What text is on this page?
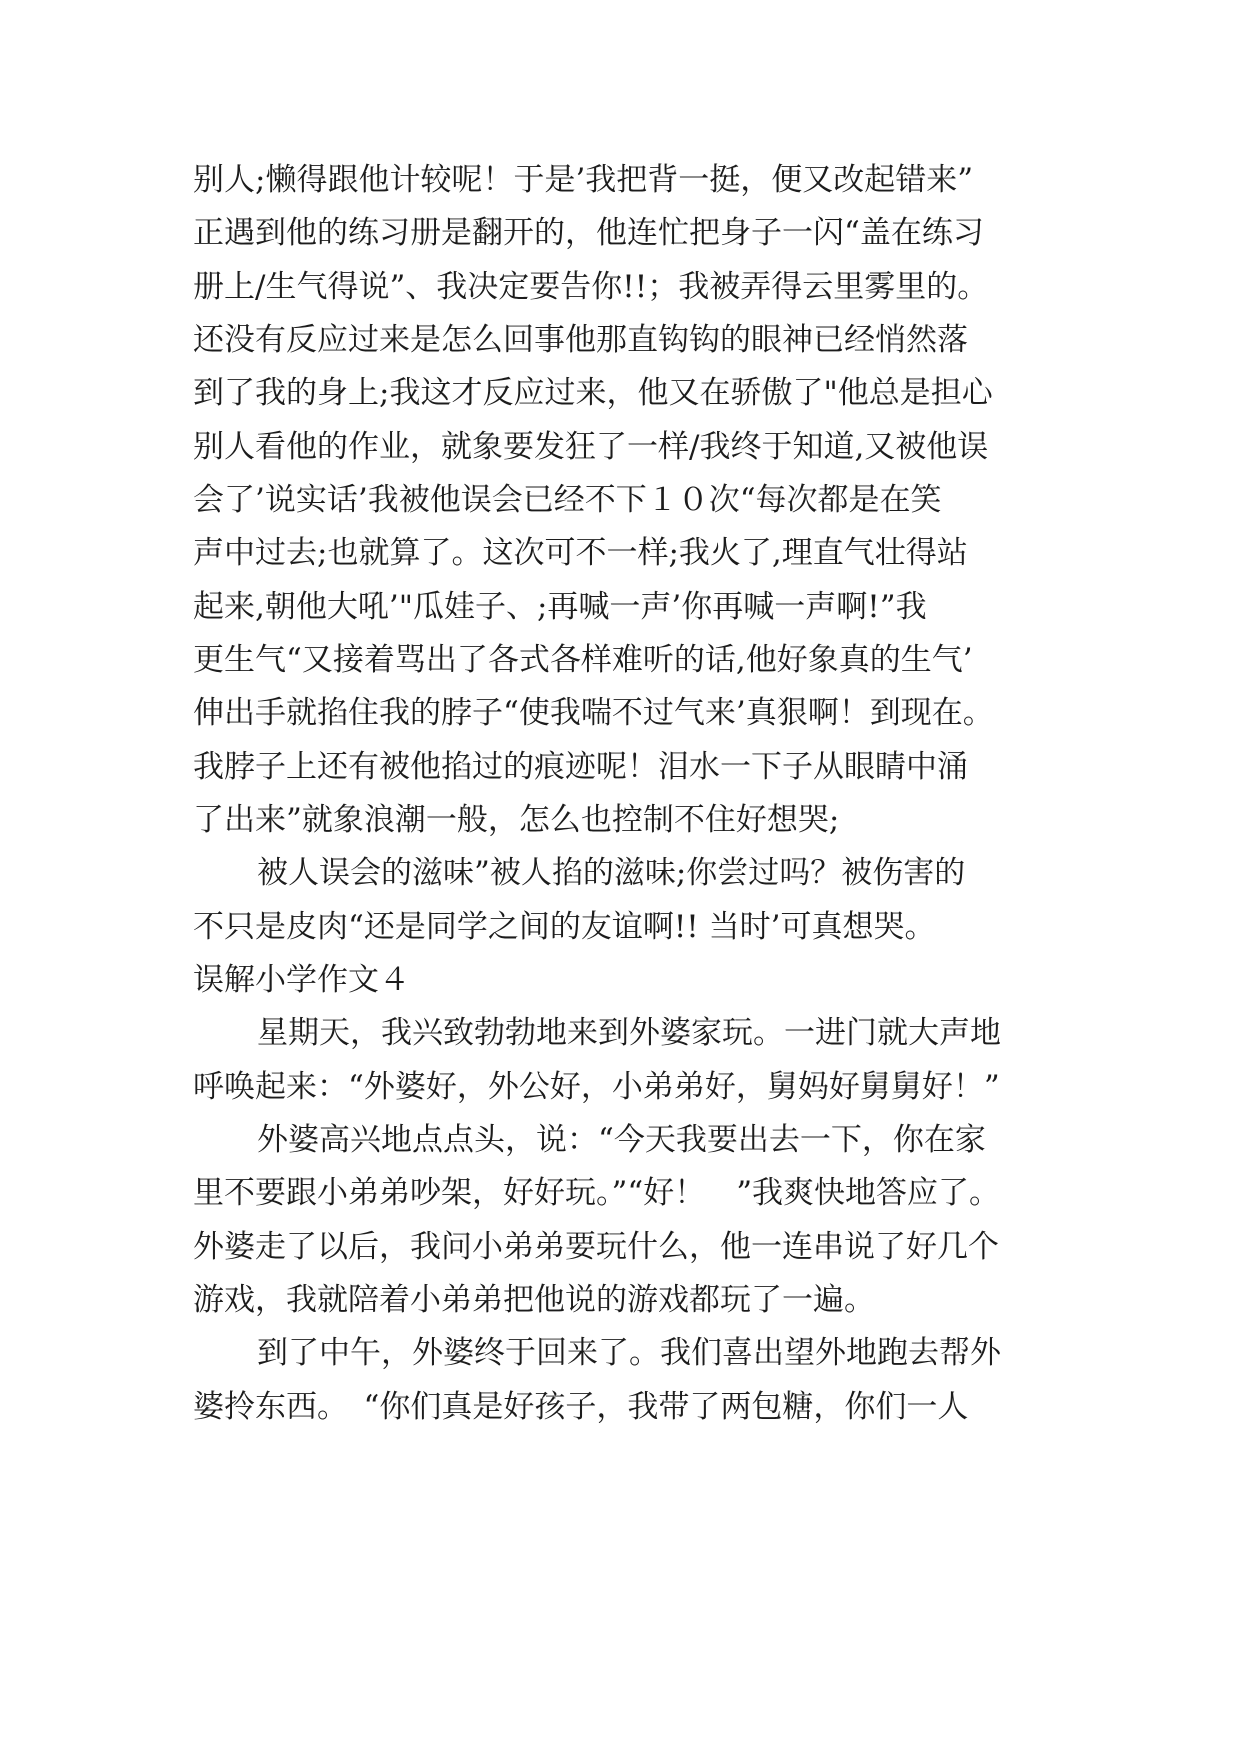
别人;懒得跟他计较呢！于是’我把背一挺，便又改起错来”
正遇到他的练习册是翻开的，他连忙把身子一闪“盖在练习
册上/生气得说”、我决定要告你!!；我被弄得云里雾里的。
还没有反应过来是怎么回事他那直钩钩的眼神已经悄然落
到了我的身上;我这才反应过来，他又在骄傲了"他总是担心
别人看他的作业，就象要发狂了一样/我终于知道,又被他误
会了’说实话’我被他误会已经不下１０次“每次都是在笑
声中过去;也就算了。这次可不一样;我火了,理直气壮得站
起来,朝他大吼’"瓜娃子、;再喊一声’你再喊一声啊!”我
更生气“又接着骂出了各式各样难听的话,他好象真的生气’
伸出手就掐住我的脖子“使我喘不过气来’真狠啊！到现在。
我脖子上还有被他掐过的痕迹呢！泪水一下子从眼睛中涌
了出来”就象浪潮一般，怎么也控制不住好想哭;
被人误会的滋味”被人掐的滋味;你尝过吗？被伤害的
不只是皮肉“还是同学之间的友谊啊!! 当时’可真想哭。
误解小学作文４
星期天，我兴致勃勃地来到外婆家玩。一进门就大声地
呼唤起来：“外婆好，外公好，小弟弟好，舅妈好舅舅好！”
外婆高兴地点点头，说：“今天我要出去一下，你在家
里不要跟小弟弟吵架，好好玩。”“好！　”我爽快地答应了。
外婆走了以后，我问小弟弟要玩什么，他一连串说了好几个
游戏，我就陪着小弟弟把他说的游戏都玩了一遍。
到了中午，外婆终于回来了。我们喜出望外地跑去帮外
婆拎东西。　“你们真是好孩子，我带了两包糖，你们一人
